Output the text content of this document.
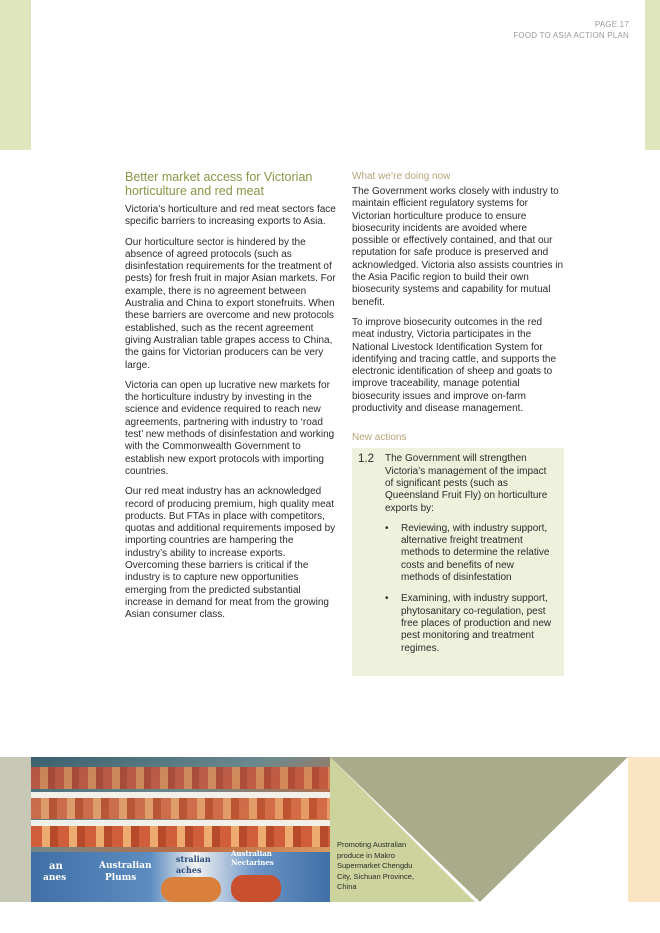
PAGE 17
FOOD TO ASIA ACTION PLAN
Better market access for Victorian horticulture and red meat

Victoria’s horticulture and red meat sectors face specific barriers to increasing exports to Asia.

Our horticulture sector is hindered by the absence of agreed protocols (such as disinfestation requirements for the treatment of pests) for fresh fruit in major Asian markets. For example, there is no agreement between Australia and China to export stonefruits. When these barriers are overcome and new protocols established, such as the recent agreement giving Australian table grapes access to China, the gains for Victorian producers can be very large.

Victoria can open up lucrative new markets for the horticulture industry by investing in the science and evidence required to reach new agreements, partnering with industry to ‘road test’ new methods of disinfestation and working with the Commonwealth Government to establish new export protocols with importing countries.

Our red meat industry has an acknowledged record of producing premium, high quality meat products. But FTAs in place with competitors, quotas and additional requirements imposed by importing countries are hampering the industry’s ability to increase exports. Overcoming these barriers is critical if the industry is to capture new opportunities emerging from the predicted substantial increase in demand for meat from the growing Asian consumer class.

What we’re doing now

The Government works closely with industry to maintain efficient regulatory systems for Victorian horticulture produce to ensure biosecurity incidents are avoided where possible or effectively contained, and that our reputation for safe produce is preserved and acknowledged. Victoria also assists countries in the Asia Pacific region to build their own biosecurity systems and capability for mutual benefit.

To improve biosecurity outcomes in the red meat industry, Victoria participates in the National Livestock Identification System for identifying and tracing cattle, and supports the electronic identification of sheep and goats to improve traceability, manage potential biosecurity issues and improve on-farm productivity and disease management.

New actions
1.2	The Government will strengthen Victoria’s management of the impact of significant pests (such as Queensland Fruit Fly) on horticulture exports by:
•	Reviewing, with industry support, alternative freight treatment methods to determine the relative costs and benefits of new methods of disinfestation
•	Examining, with industry support, phytosanitary co-regulation, pest free places of production and new pest monitoring and treatment regimes.
an
anes
Australian
Plums
stralian
aches
Australian
Nectarines
Promoting Australian produce in Makro Supermarket Chengdu City, Sichuan Province, China
